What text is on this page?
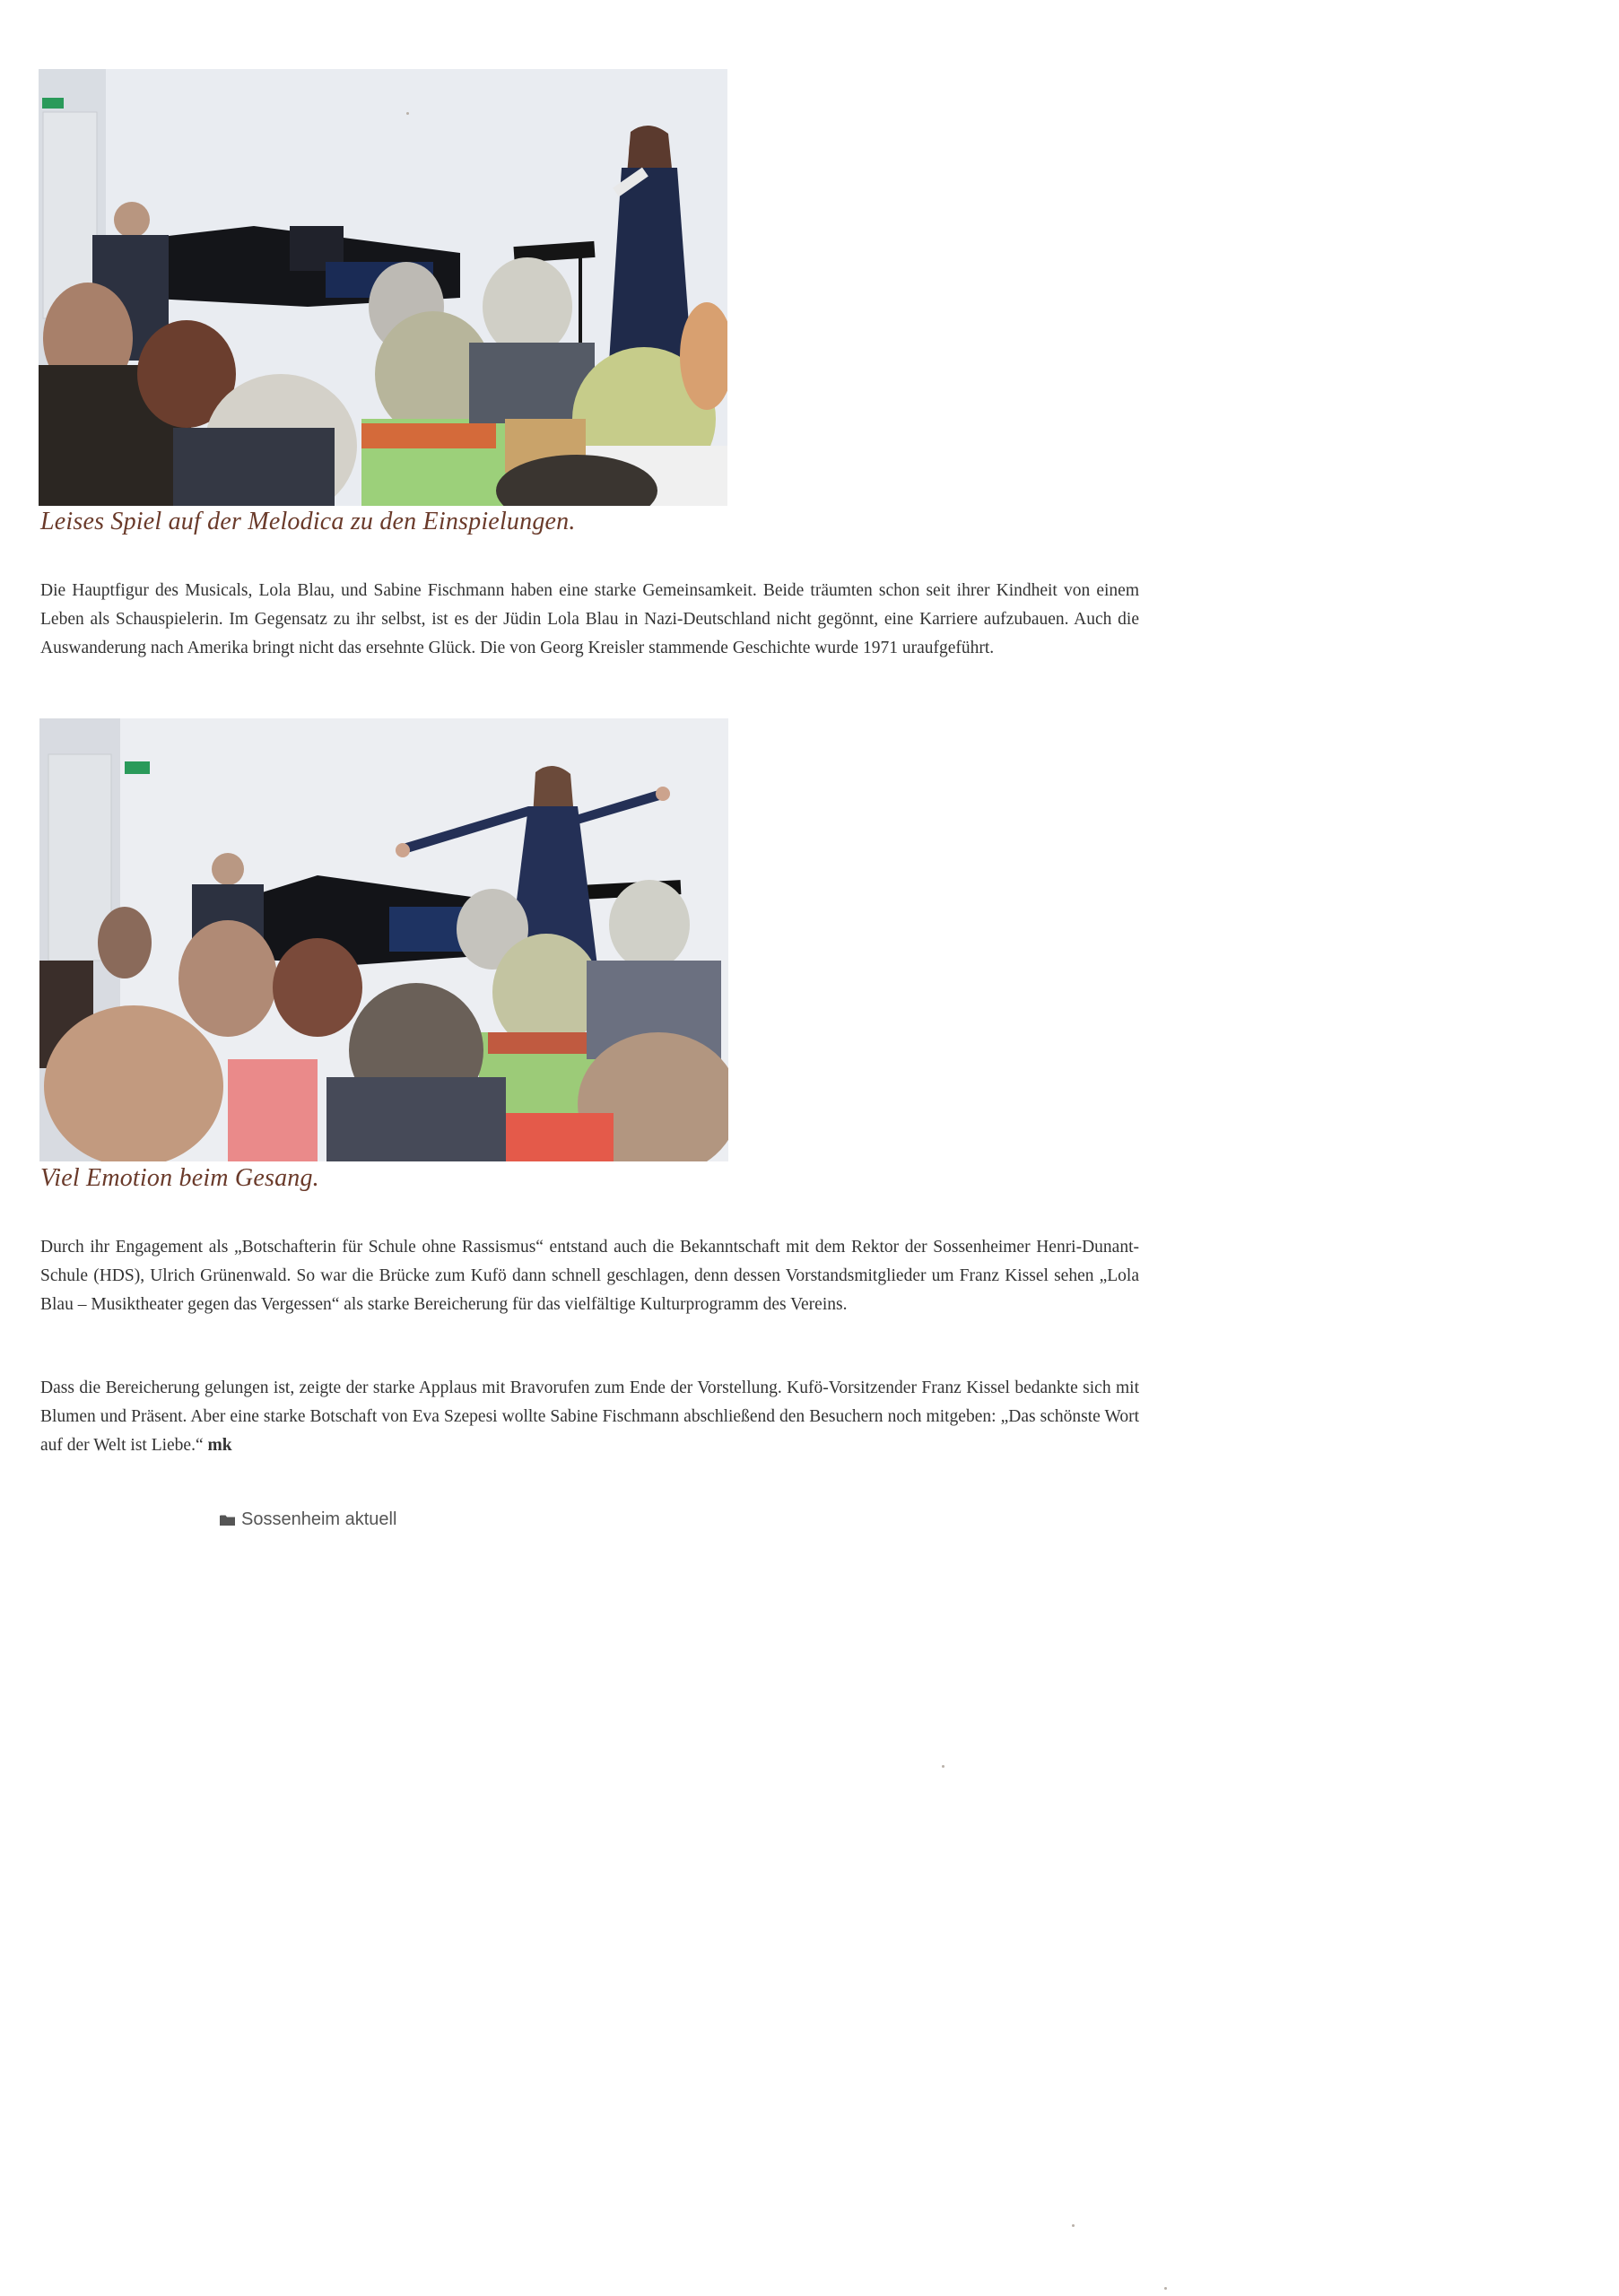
Leises Spiel auf der Melodica zu den Einspielungen.

Die Hauptfigur des Musicals, Lola Blau, und Sabine Fischmann haben eine starke Gemeinsamkeit. Beide träumten schon seit ihrer Kindheit von einem Leben als Schauspielerin. Im Gegensatz zu ihr selbst, ist es der Jüdin Lola Blau in Nazi-Deutschland nicht gegönnt, eine Karriere aufzubauen. Auch die Auswanderung nach Amerika bringt nicht das ersehnte Glück. Die von Georg Kreisler stammende Geschichte wurde 1971 uraufgeführt.

Viel Emotion beim Gesang.

Durch ihr Engagement als „Botschafterin für Schule ohne Rassismus“ entstand auch die Bekanntschaft mit dem Rektor der Sossenheimer Henri-Dunant-Schule (HDS), Ulrich Grünenwald. So war die Brücke zum Kufö dann schnell geschlagen, denn dessen Vorstandsmitglieder um Franz Kissel sehen „Lola Blau – Musiktheater gegen das Vergessen“ als starke Bereicherung für das vielfältige Kulturprogramm des Vereins.

Dass die Bereicherung gelungen ist, zeigte der starke Applaus mit Bravorufen zum Ende der Vorstellung. Kufö-Vorsitzender Franz Kissel bedankte sich mit Blumen und Präsent. Aber eine starke Botschaft von Eva Szepesi wollte Sabine Fischmann abschließend den Besuchern noch mitgeben: „Das schönste Wort auf der Welt ist Liebe.“ mk

Sossenheim aktuell
